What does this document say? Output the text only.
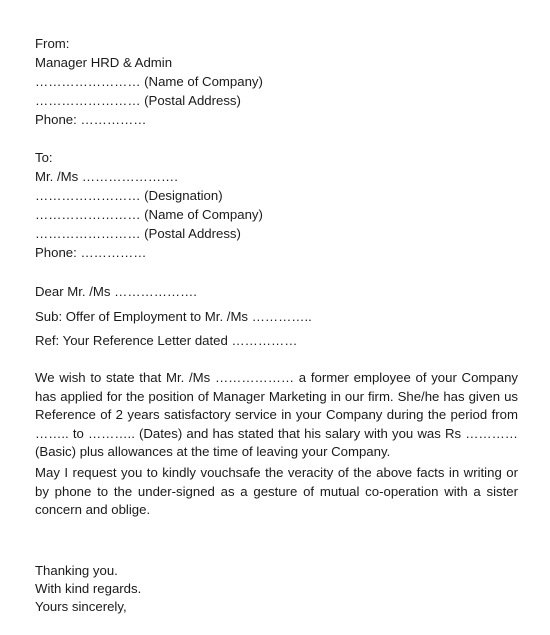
From:
Manager HRD & Admin
…………………… (Name of Company)
…………………… (Postal Address)
Phone: ……………
To:
Mr. /Ms ………………….
…………………… (Designation)
…………………… (Name of Company)
…………………… (Postal Address)
Phone: ……………
Dear Mr. /Ms ……………….
Sub: Offer of Employment to Mr. /Ms …………..
Ref: Your Reference Letter dated ……………

We wish to state that Mr. /Ms ……………… a former employee of your Company has applied for the position of Manager Marketing in our firm. She/he has given us Reference of 2 years satisfactory service in your Company during the period from …….. to ……….. (Dates) and has stated that his salary with you was Rs ………… (Basic) plus allowances at the time of leaving your Company.

May I request you to kindly vouchsafe the veracity of the above facts in writing or by phone to the under-signed as a gesture of mutual co-operation with a sister concern and oblige.

Thanking you.
With kind regards.
Yours sincerely,
